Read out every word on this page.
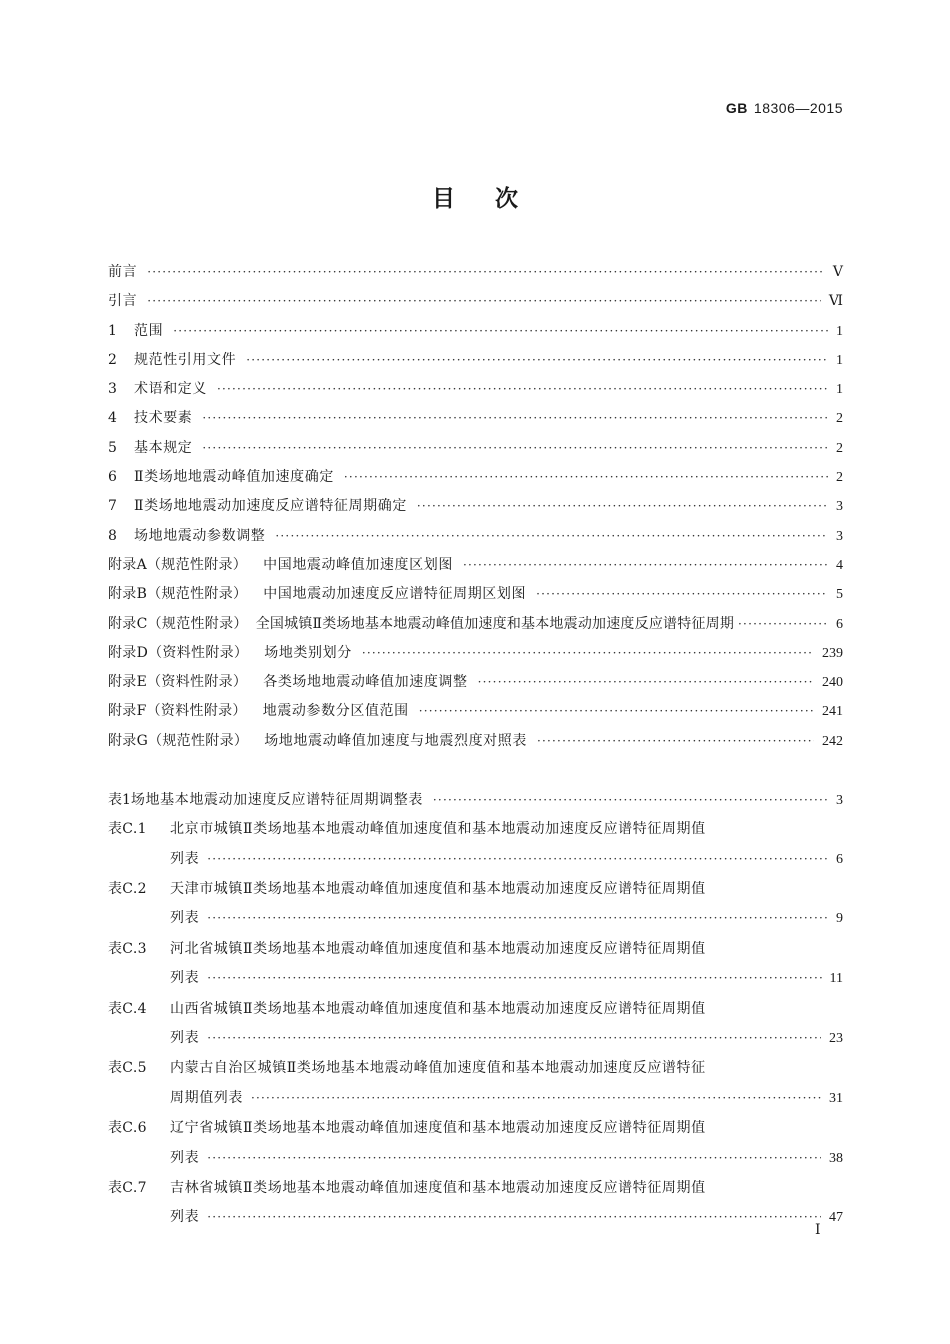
GB 18306—2015
目次
前言 ·····	Ⅴ
引言 ·····	Ⅵ
1	范围 ·····	1
2	规范性引用文件 ·····	1
3	术语和定义 ·····	1
4	技术要素 ·····	2
5	基本规定 ·····	2
6	Ⅱ类场地地震动峰值加速度确定 ·····	2
7	Ⅱ类场地地震动加速度反应谱特征周期确定 ·····	3
8	场地地震动参数调整 ·····	3
附录A（规范性附录） 中国地震动峰值加速度区划图 ·····	4
附录B（规范性附录） 中国地震动加速度反应谱特征周期区划图 ·····	5
附录C（规范性附录） 全国城镇Ⅱ类场地基本地震动峰值加速度和基本地震动加速度反应谱特征周期 ·····	6
附录D（资料性附录） 场地类别划分 ·····	239
附录E（资料性附录） 各类场地地震动峰值加速度调整 ·····	240
附录F（资料性附录） 地震动参数分区值范围 ·····	241
附录G（规范性附录） 场地地震动峰值加速度与地震烈度对照表 ·····	242
表1 场地基本地震动加速度反应谱特征周期调整表 ·····	3
表C.1	北京市城镇Ⅱ类场地基本地震动峰值加速度值和基本地震动加速度反应谱特征周期值
列表 ·····	6
表C.2	天津市城镇Ⅱ类场地基本地震动峰值加速度值和基本地震动加速度反应谱特征周期值
列表 ·····	9
表C.3	河北省城镇Ⅱ类场地基本地震动峰值加速度值和基本地震动加速度反应谱特征周期值
列表 ·····	11
表C.4	山西省城镇Ⅱ类场地基本地震动峰值加速度值和基本地震动加速度反应谱特征周期值
列表 ·····	23
表C.5	内蒙古自治区城镇Ⅱ类场地基本地震动峰值加速度值和基本地震动加速度反应谱特征
周期值列表 ·····	31
表C.6	辽宁省城镇Ⅱ类场地基本地震动峰值加速度值和基本地震动加速度反应谱特征周期值
列表 ·····	38
表C.7	吉林省城镇Ⅱ类场地基本地震动峰值加速度值和基本地震动加速度反应谱特征周期值
列表 ·····	47
Ⅰ
